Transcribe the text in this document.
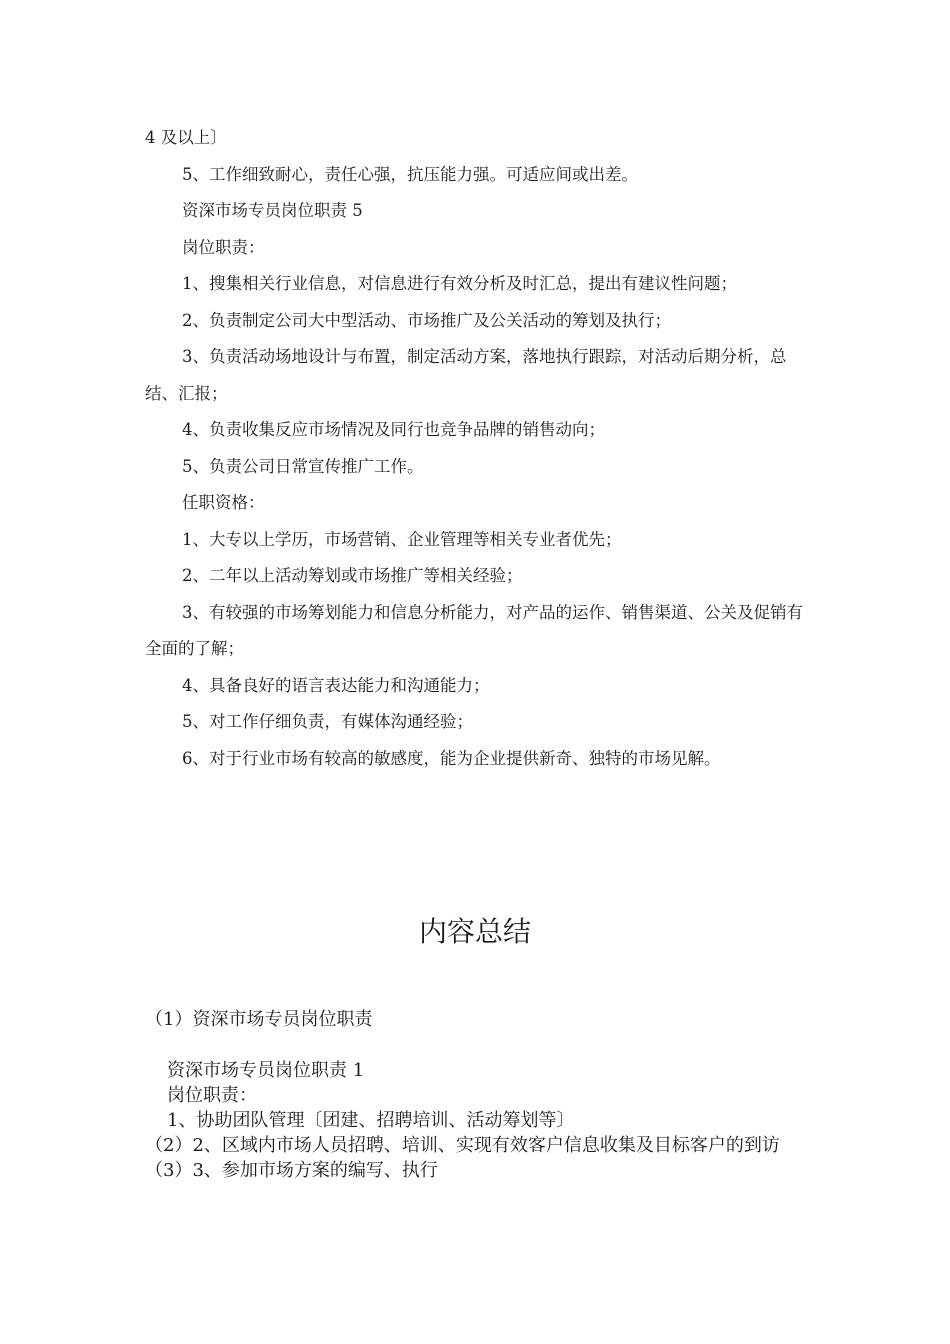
4 及以上〕

5、工作细致耐心，责任心强，抗压能力强。可适应间或出差。

资深市场专员岗位职责 5

岗位职责：

1、搜集相关行业信息，对信息进行有效分析及时汇总，提出有建议性问题；

2、负责制定公司大中型活动、市场推广及公关活动的筹划及执行；

3、负责活动场地设计与布置，制定活动方案，落地执行跟踪，对活动后期分析，总结、汇报；

4、负责收集反应市场情况及同行也竞争品牌的销售动向；

5、负责公司日常宣传推广工作。

任职资格：

1、大专以上学历，市场营销、企业管理等相关专业者优先；

2、二年以上活动筹划或市场推广等相关经验；

3、有较强的市场筹划能力和信息分析能力，对产品的运作、销售渠道、公关及促销有全面的了解；

4、具备良好的语言表达能力和沟通能力；

5、对工作仔细负责，有媒体沟通经验；

6、对于行业市场有较高的敏感度，能为企业提供新奇、独特的市场见解。

内容总结

（1）资深市场专员岗位职责

资深市场专员岗位职责 1

岗位职责：

1、协助团队管理〔团建、招聘培训、活动筹划等〕

（2）2、区域内市场人员招聘、培训、实现有效客户信息收集及目标客户的到访

（3）3、参加市场方案的编写、执行
